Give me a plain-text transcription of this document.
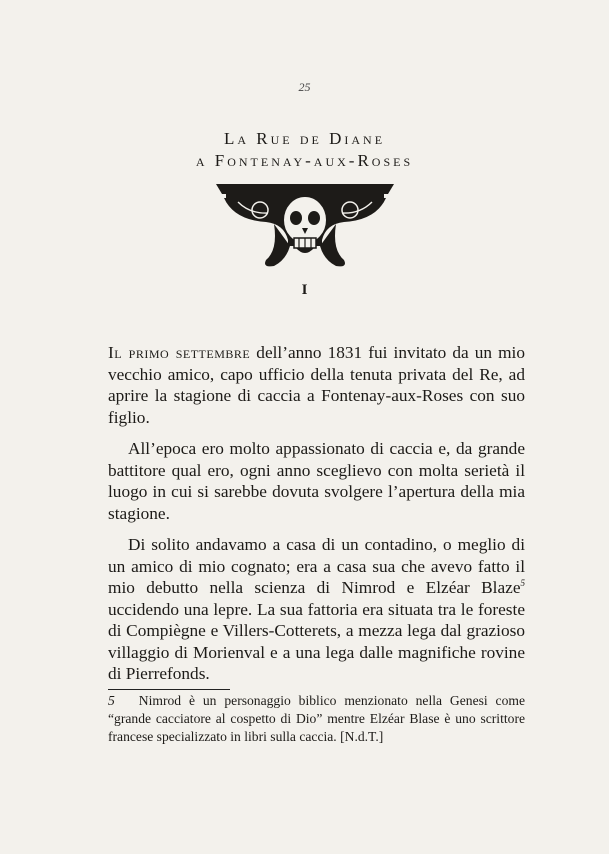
25
La Rue de Diane
a Fontenay-aux-Roses
I

Il primo settembre dell’anno 1831 fui invitato da un mio vecchio amico, capo ufficio della tenuta privata del Re, ad aprire la stagione di caccia a Fontenay-aux-Roses con suo figlio.

All’epoca ero molto appassionato di caccia e, da grande battitore qual ero, ogni anno sceglievo con molta serietà il luogo in cui si sarebbe dovuta svolgere l’apertura della mia stagione.

Di solito andavamo a casa di un contadino, o meglio di un amico di mio cognato; era a casa sua che avevo fatto il mio debutto nella scienza di Nimrod e Elzéar Blaze$^5$ uccidendo una lepre. La sua fattoria era situata tra le foreste di Compiègne e Villers-Cotterets, a mezza lega dal grazioso villaggio di Morienval e a una lega dalle magnifiche rovine di Pierrefonds.

5 Nimrod è un personaggio biblico menzionato nella Genesi come “grande cacciatore al cospetto di Dio” mentre Elzéar Blase è uno scrittore francese specializzato in libri sulla caccia. [N.d.T.]
